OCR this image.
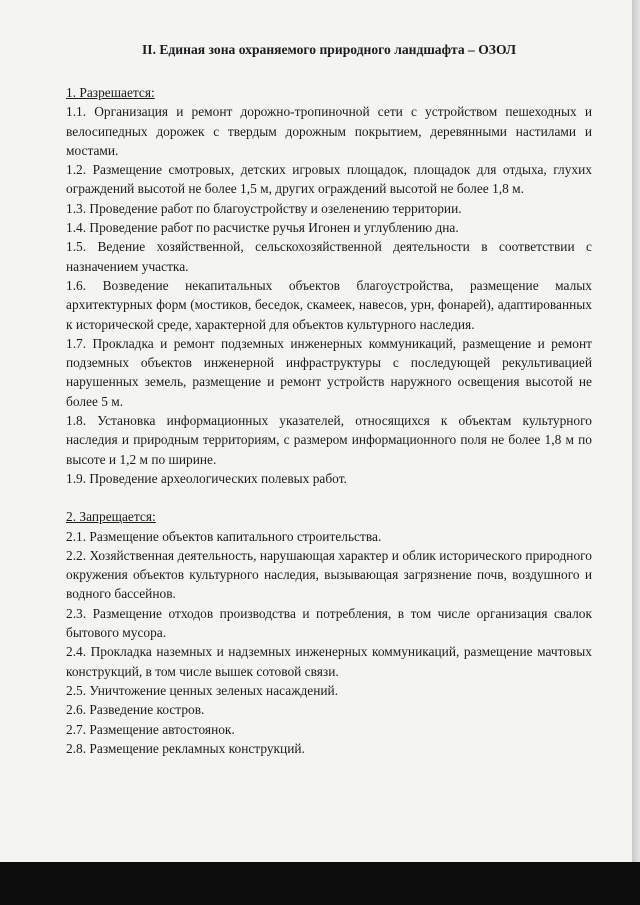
II. Единая зона охраняемого природного ландшафта – ОЗОЛ

1. Разрешается:

1.1. Организация и ремонт дорожно-тропиночной сети с устройством пешеходных и велосипедных дорожек с твердым дорожным покрытием, деревянными настилами и мостами.

1.2. Размещение смотровых, детских игровых площадок, площадок для отдыха, глухих ограждений высотой не более 1,5 м, других ограждений высотой не более 1,8 м.

1.3. Проведение работ по благоустройству и озеленению территории.

1.4. Проведение работ по расчистке ручья Игонен и углублению дна.

1.5. Ведение хозяйственной, сельскохозяйственной деятельности в соответствии с назначением участка.

1.6. Возведение некапитальных объектов благоустройства, размещение малых архитектурных форм (мостиков, беседок, скамеек, навесов, урн, фонарей), адаптированных к исторической среде, характерной для объектов культурного наследия.

1.7. Прокладка и ремонт подземных инженерных коммуникаций, размещение и ремонт подземных объектов инженерной инфраструктуры с последующей рекультивацией нарушенных земель, размещение и ремонт устройств наружного освещения высотой не более 5 м.

1.8. Установка информационных указателей, относящихся к объектам культурного наследия и природным территориям, с размером информационного поля не более 1,8 м по высоте и 1,2 м по ширине.

1.9. Проведение археологических полевых работ.

2. Запрещается:

2.1. Размещение объектов капитального строительства.

2.2. Хозяйственная деятельность, нарушающая характер и облик исторического природного окружения объектов культурного наследия, вызывающая загрязнение почв, воздушного и водного бассейнов.

2.3. Размещение отходов производства и потребления, в том числе организация свалок бытового мусора.

2.4. Прокладка наземных и надземных инженерных коммуникаций, размещение мачтовых конструкций, в том числе вышек сотовой связи.

2.5. Уничтожение ценных зеленых насаждений.

2.6. Разведение костров.

2.7. Размещение автостоянок.

2.8. Размещение рекламных конструкций.
